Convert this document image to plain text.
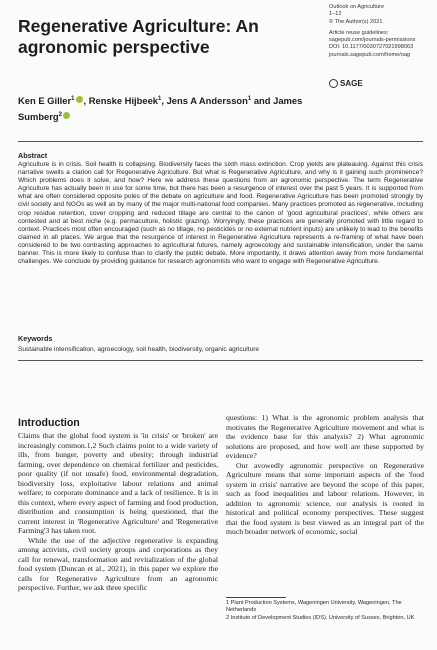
Regenerative Agriculture: An agronomic perspective
Outlook on Agriculture
1–12
© The Author(s) 2021
Article reuse guidelines:
sagepub.com/journals-permissions
DOI: 10.1177/0030727021998063
journals.sagepub.com/home/oag
SAGE
Ken E Giller$^1$ , Renske Hijbeek$^1$, Jens A Andersson$^1$ and James Sumberg$^2$
Abstract
Agriculture is in crisis. Soil health is collapsing. Biodiversity faces the sixth mass extinction. Crop yields are plateauing. Against this crisis narrative swells a clarion call for Regenerative Agriculture. But what is Regenerative Agriculture, and why is it gaining such prominence? Which problems does it solve, and how? Here we address these questions from an agronomic perspective. The term Regenerative Agriculture has actually been in use for some time, but there has been a resurgence of interest over the past 5 years. It is supported from what are often considered opposite poles of the debate on agriculture and food. Regenerative Agriculture has been promoted strongly by civil society and NGOs as well as by many of the major multi-national food companies. Many practices promoted as regenerative, including crop residue retention, cover cropping and reduced tillage are central to the canon of 'good agricultural practices', while others are contested and at best niche (e.g. permaculture, holistic grazing). Worryingly, these practices are generally promoted with little regard to context. Practices most often encouraged (such as no tillage, no pesticides or no external nutrient inputs) are unlikely to lead to the benefits claimed in all places. We argue that the resurgence of interest in Regenerative Agriculture represents a re-framing of what have been considered to be two contrasting approaches to agricultural futures, namely agroecology and sustainable intensification, under the same banner. This is more likely to confuse than to clarify the public debate. More importantly, it draws attention away from more fundamental challenges. We conclude by providing guidance for research agronomists who want to engage with Regenerative Agriculture.
Keywords
Sustainable intensification, agroecology, soil health, biodiversity, organic agriculture
Introduction

Claims that the global food system is 'in crisis' or 'broken' are increasingly common.1,2 Such claims point to a wide variety of ills, from hunger, poverty and obesity; through industrial farming, over dependence on chemical fertilizer and pesticides, poor quality (if not unsafe) food, environmental degradation, biodiversity loss, exploitative labour relations and animal welfare; to corporate dominance and a lack of resilience. It is in this context, where every aspect of farming and food production, distribution and consumption is being questioned, that the current interest in 'Regenerative Agriculture' and 'Regenerative Farming'3 has taken root.

While the use of the adjective regenerative is expanding among activists, civil society groups and corporations as they call for renewal, transformation and revitalization of the global food system (Duncan et al., 2021), in this paper we explore the calls for Regenerative Agriculture from an agronomic perspective. Further, we ask three specific

questions: 1) What is the agronomic problem analysis that motivates the Regenerative Agriculture movement and what is the evidence base for this analysis? 2) What agronomic solutions are proposed, and how well are these supported by evidence?

Our avowedly agronomic perspective on Regenerative Agriculture means that some important aspects of the 'food system in crisis' narrative are beyond the scope of this paper, such as food inequalities and labour relations. However, in addition to agronomic science, our analysis is rooted in historical and political economy perspectives. These suggest that the food system is best viewed as an integral part of the much broader network of economic, social

1 Plant Production Systems, Wageningen University, Wageningen, The Netherlands
2 Institute of Development Studies (IDS), University of Sussex, Brighton, UK
